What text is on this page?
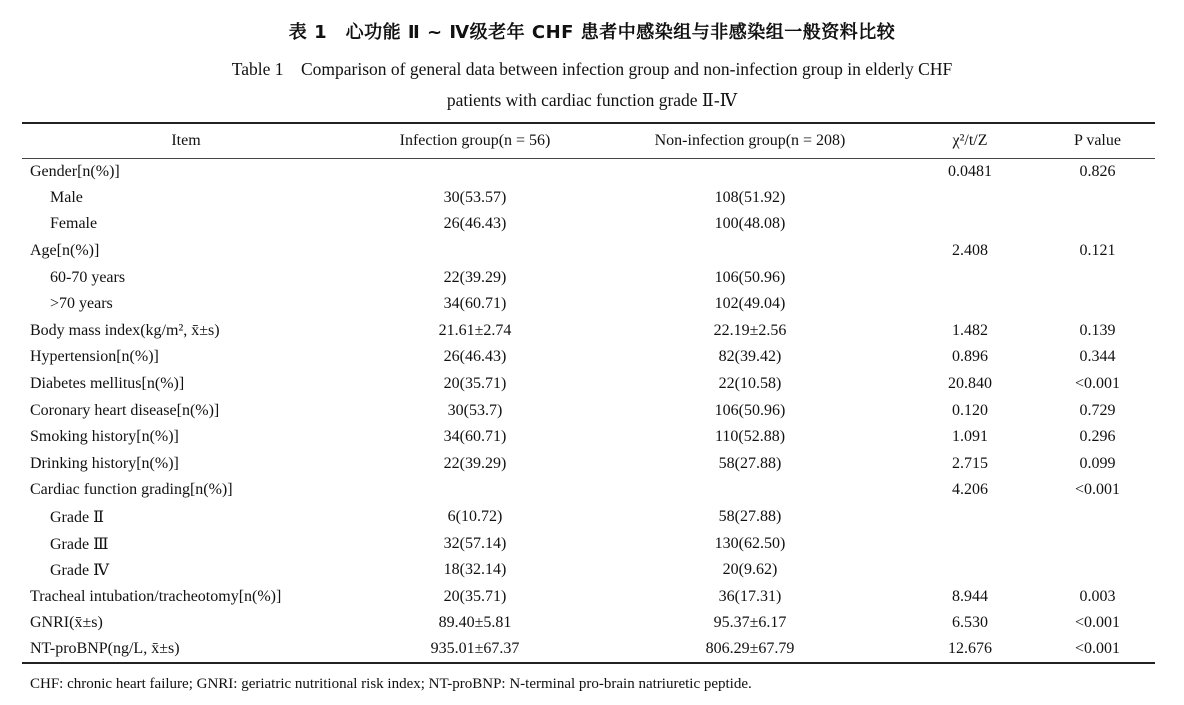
表 1　心功能 Ⅱ ~ Ⅳ级老年 CHF 患者中感染组与非感染组一般资料比较
Table 1　Comparison of general data between infection group and non-infection group in elderly CHF
patients with cardiac function grade Ⅱ-Ⅳ
Item	Infection group(n = 56)	Non-infection group(n = 208)	χ²/t/Z	P value
Gender[n(%)]			0.0481	0.826
Male	30(53.57)	108(51.92)		
Female	26(46.43)	100(48.08)		
Age[n(%)]			2.408	0.121
60-70 years	22(39.29)	106(50.96)		
>70 years	34(60.71)	102(49.04)		
Body mass index(kg/m², x̄±s)	21.61±2.74	22.19±2.56	1.482	0.139
Hypertension[n(%)]	26(46.43)	82(39.42)	0.896	0.344
Diabetes mellitus[n(%)]	20(35.71)	22(10.58)	20.840	<0.001
Coronary heart disease[n(%)]	30(53.7)	106(50.96)	0.120	0.729
Smoking history[n(%)]	34(60.71)	110(52.88)	1.091	0.296
Drinking history[n(%)]	22(39.29)	58(27.88)	2.715	0.099
Cardiac function grading[n(%)]			4.206	<0.001
Grade Ⅱ	6(10.72)	58(27.88)		
Grade Ⅲ	32(57.14)	130(62.50)		
Grade Ⅳ	18(32.14)	20(9.62)		
Tracheal intubation/tracheotomy[n(%)]	20(35.71)	36(17.31)	8.944	0.003
GNRI(x̄±s)	89.40±5.81	95.37±6.17	6.530	<0.001
NT-proBNP(ng/L, x̄±s)	935.01±67.37	806.29±67.79	12.676	<0.001
CHF: chronic heart failure; GNRI: geriatric nutritional risk index; NT-proBNP: N-terminal pro-brain natriuretic peptide.
